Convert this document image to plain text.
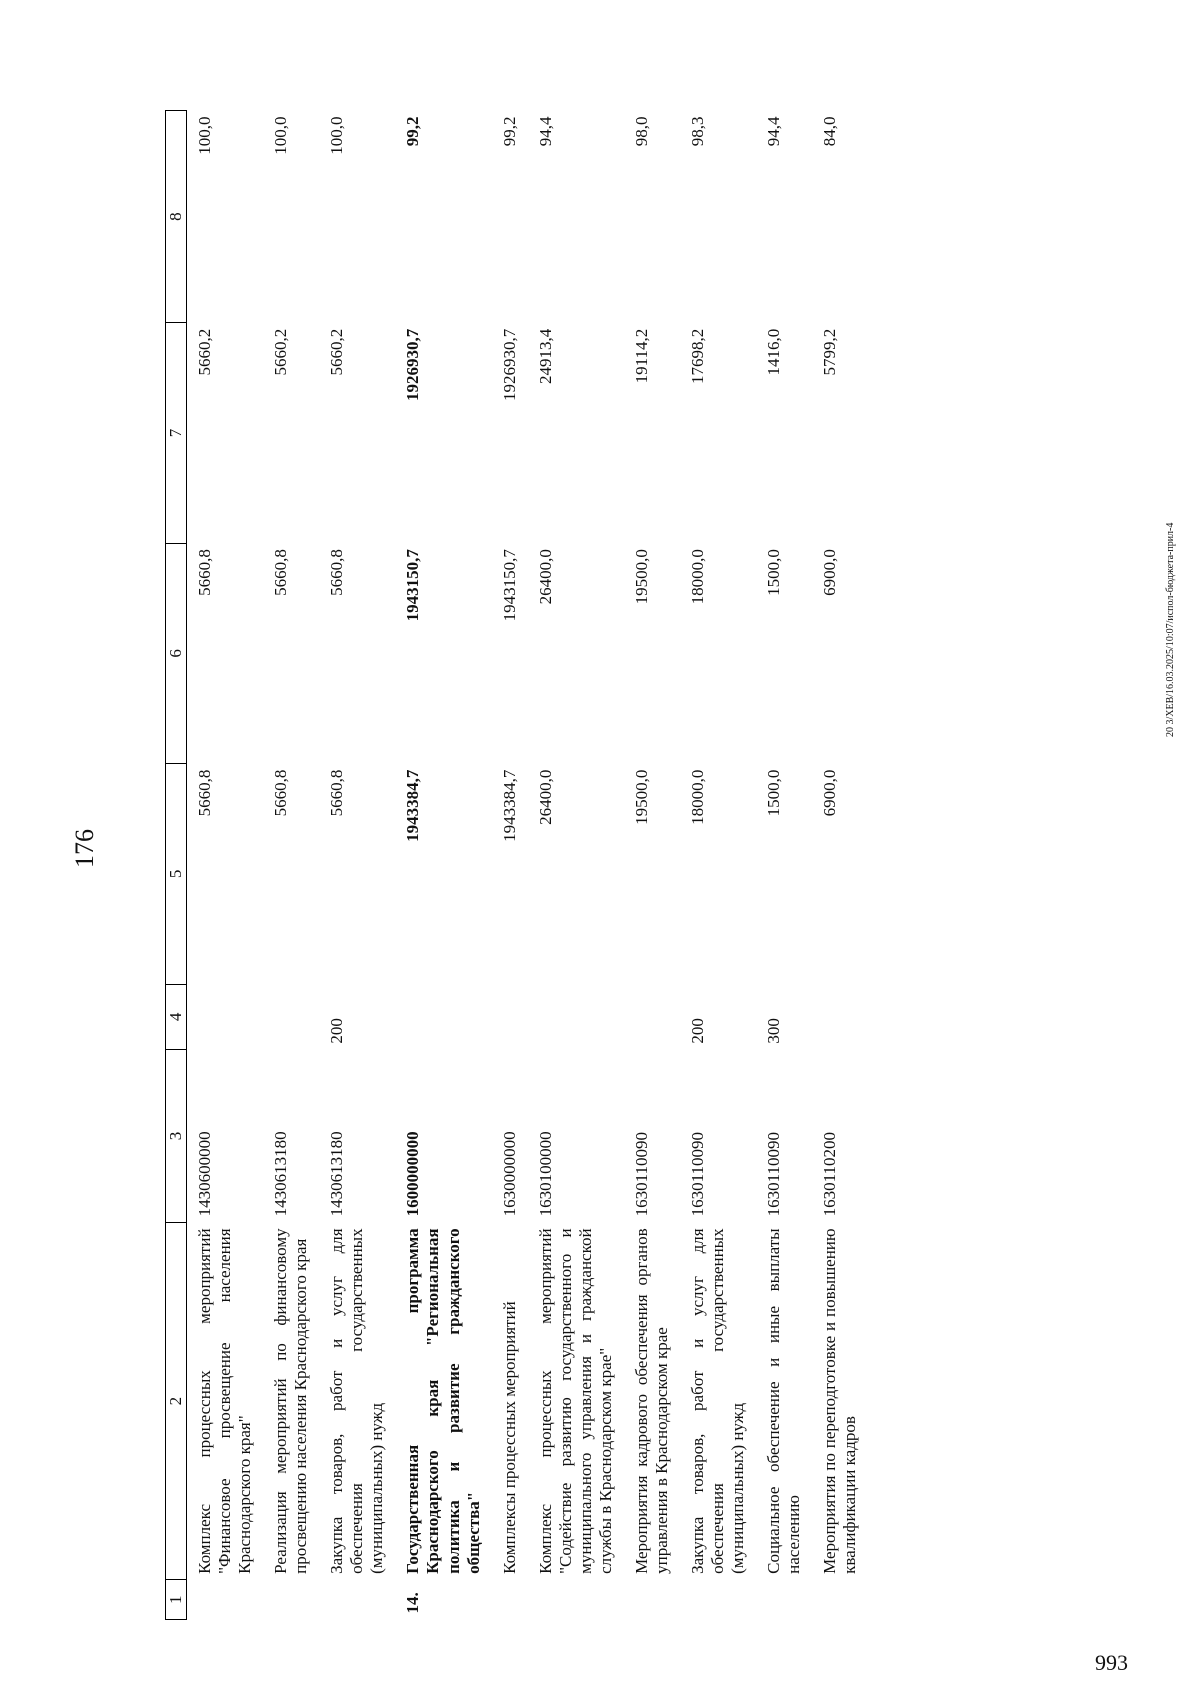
176
1	2	3	4	5	6	7	8
	Комплекс процессных мероприятий "Финансовое просвещение населения Краснодарского края"	1430600000		5660,8	5660,8	5660,2	100,0
	Реализация мероприятий по финансовому просвещению населения Краснодарского края	1430613180		5660,8	5660,8	5660,2	100,0
	Закупка товаров, работ и услуг для обеспечения государственных (муниципальных) нужд	1430613180	200	5660,8	5660,8	5660,2	100,0
14.	Государственная программа Краснодарского края "Региональная политика и развитие гражданского общества"	1600000000		1943384,7	1943150,7	1926930,7	99,2
	Комплексы процессных мероприятий	1630000000		1943384,7	1943150,7	1926930,7	99,2
	Комплекс процессных мероприятий "Содействие развитию государственного и муниципального управления и гражданской службы в Краснодарском крае"	1630100000		26400,0	26400,0	24913,4	94,4
	Мероприятия кадрового обеспечения органов управления в Краснодарском крае	1630110090		19500,0	19500,0	19114,2	98,0
	Закупка товаров, работ и услуг для обеспечения государственных (муниципальных) нужд	1630110090	200	18000,0	18000,0	17698,2	98,3
	Социальное обеспечение и иные выплаты населению	1630110090	300	1500,0	1500,0	1416,0	94,4
	Мероприятия по переподготовке и повышению квалификации кадров	1630110200		6900,0	6900,0	5799,2	84,0
20 3/ХЕВ/16.03.2025/10:07/испол-бюджета-прил-4
993
